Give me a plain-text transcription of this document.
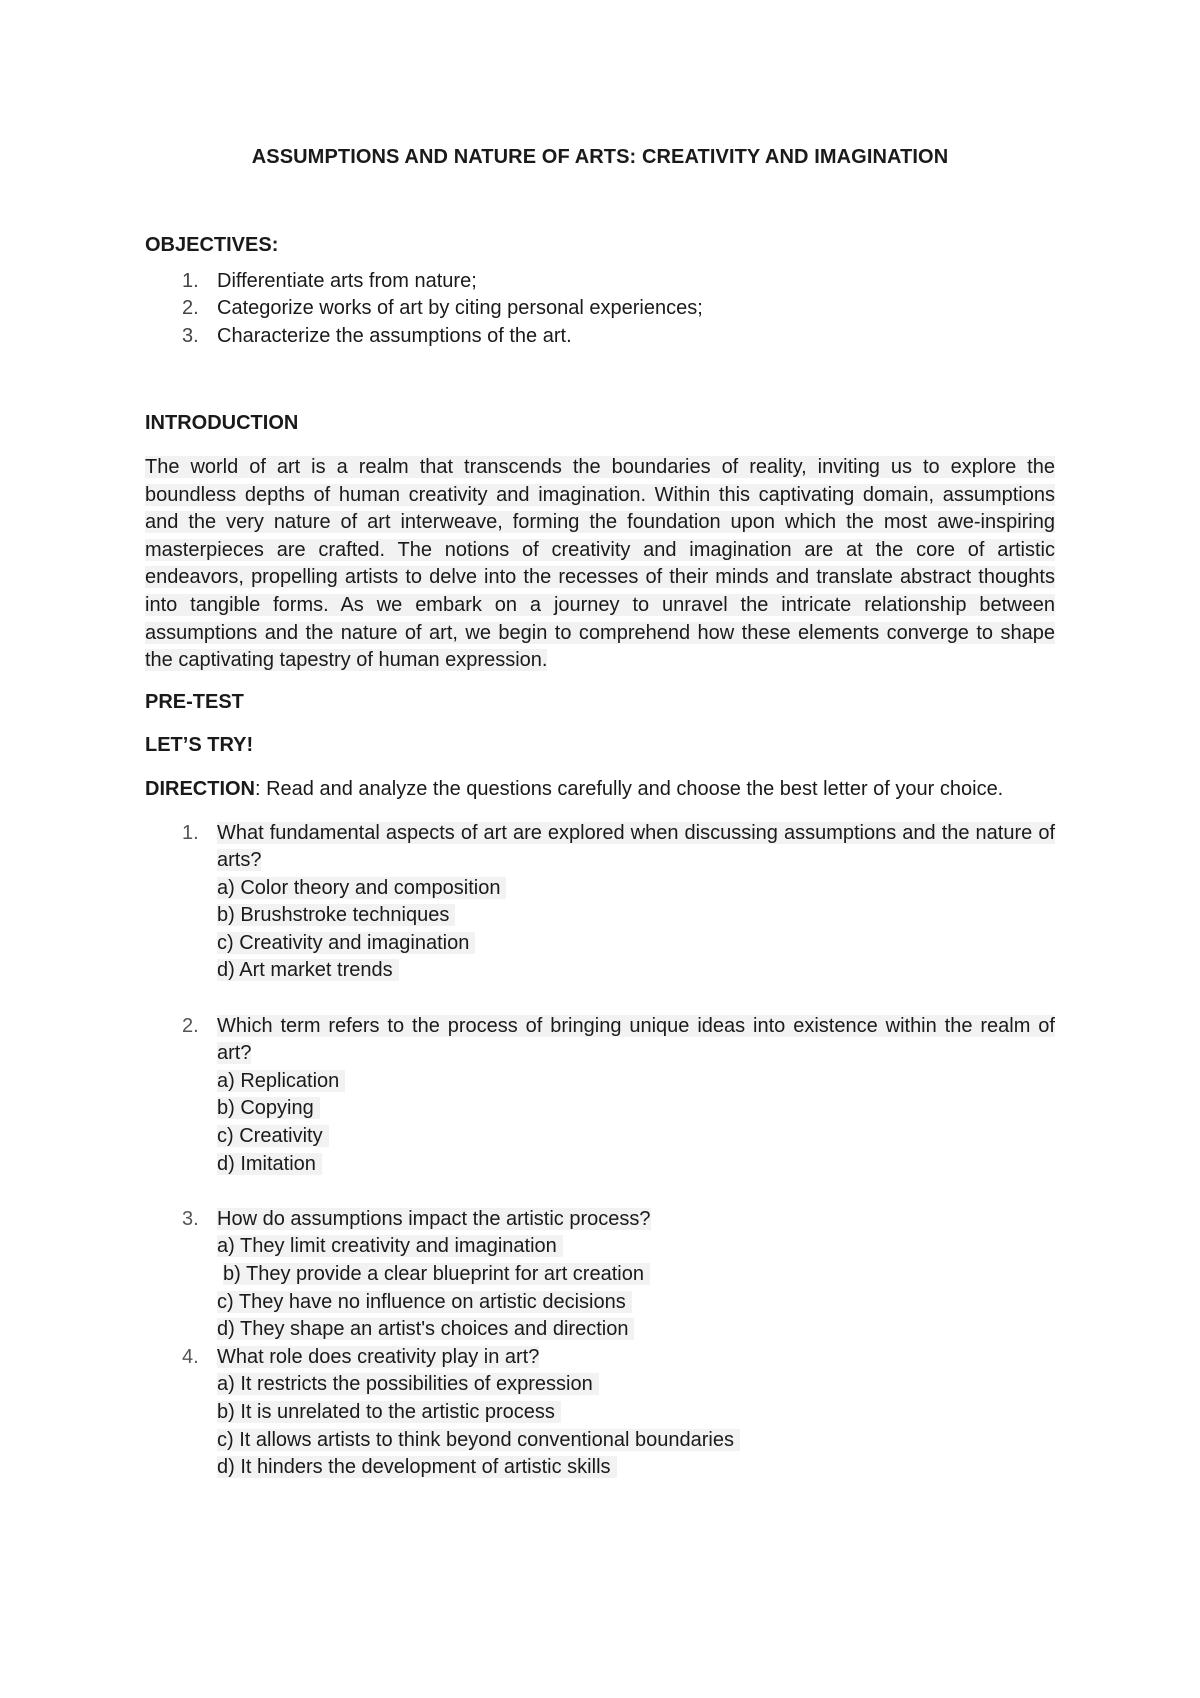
ASSUMPTIONS AND NATURE OF ARTS: CREATIVITY AND IMAGINATION

OBJECTIVES:

1. Differentiate arts from nature;
2. Categorize works of art by citing personal experiences;
3. Characterize the assumptions of the art.

INTRODUCTION

The world of art is a realm that transcends the boundaries of reality, inviting us to explore the boundless depths of human creativity and imagination. Within this captivating domain, assumptions and the very nature of art interweave, forming the foundation upon which the most awe-inspiring masterpieces are crafted. The notions of creativity and imagination are at the core of artistic endeavors, propelling artists to delve into the recesses of their minds and translate abstract thoughts into tangible forms. As we embark on a journey to unravel the intricate relationship between assumptions and the nature of art, we begin to comprehend how these elements converge to shape the captivating tapestry of human expression.

PRE-TEST

LET’S TRY!

DIRECTION: Read and analyze the questions carefully and choose the best letter of your choice.

1. What fundamental aspects of art are explored when discussing assumptions and the nature of arts?
a) Color theory and composition
b) Brushstroke techniques
c) Creativity and imagination
d) Art market trends
2. Which term refers to the process of bringing unique ideas into existence within the realm of art?
a) Replication
b) Copying
c) Creativity
d) Imitation
3. How do assumptions impact the artistic process?
a) They limit creativity and imagination
b) They provide a clear blueprint for art creation
c) They have no influence on artistic decisions
d) They shape an artist's choices and direction
4. What role does creativity play in art?
a) It restricts the possibilities of expression
b) It is unrelated to the artistic process
c) It allows artists to think beyond conventional boundaries
d) It hinders the development of artistic skills
